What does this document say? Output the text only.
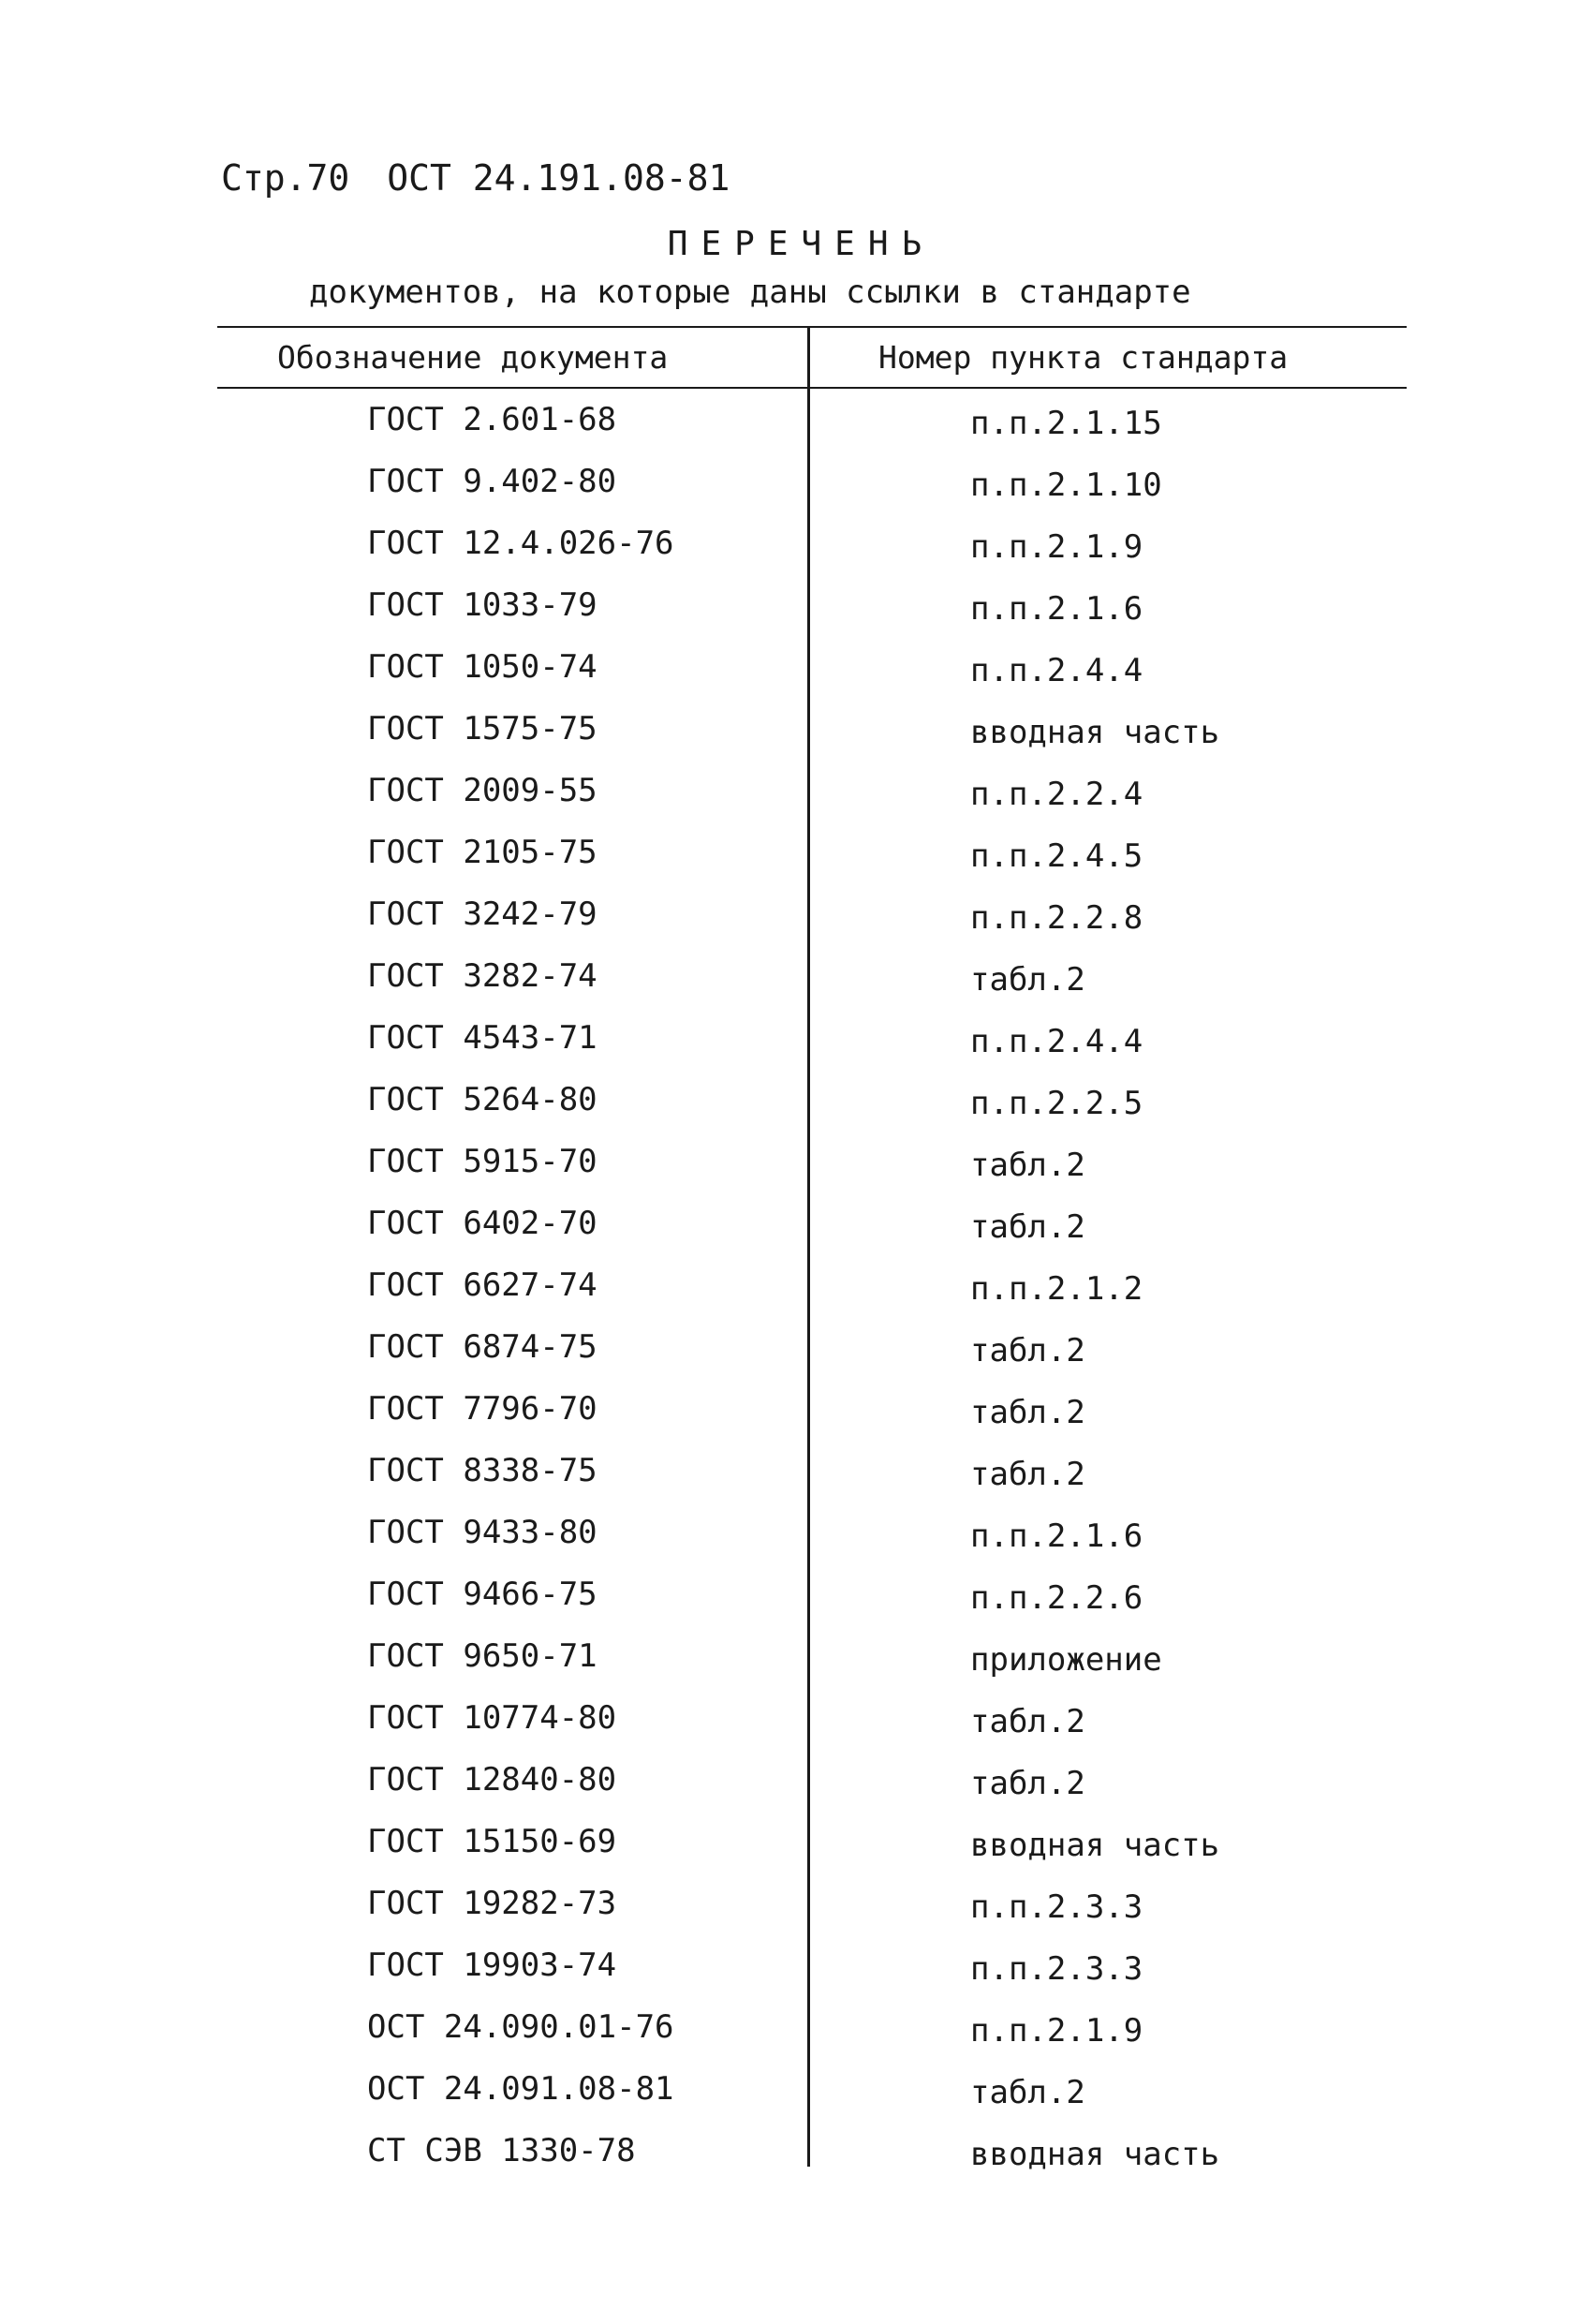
Стр.70 ОСТ 24.191.08-81
ПЕРЕЧЕНЬ
документов, на которые даны ссылки в стандарте
Обозначение документа	Номер пункта стандарта
ГОСТ 2.601-68	п.п.2.1.15
ГОСТ 9.402-80	п.п.2.1.10
ГОСТ 12.4.026-76	п.п.2.1.9
ГОСТ 1033-79	п.п.2.1.6
ГОСТ 1050-74	п.п.2.4.4
ГОСТ 1575-75	вводная часть
ГОСТ 2009-55	п.п.2.2.4
ГОСТ 2105-75	п.п.2.4.5
ГОСТ 3242-79	п.п.2.2.8
ГОСТ 3282-74	табл.2
ГОСТ 4543-71	п.п.2.4.4
ГОСТ 5264-80	п.п.2.2.5
ГОСТ 5915-70	табл.2
ГОСТ 6402-70	табл.2
ГОСТ 6627-74	п.п.2.1.2
ГОСТ 6874-75	табл.2
ГОСТ 7796-70	табл.2
ГОСТ 8338-75	табл.2
ГОСТ 9433-80	п.п.2.1.6
ГОСТ 9466-75	п.п.2.2.6
ГОСТ 9650-71	приложение
ГОСТ 10774-80	табл.2
ГОСТ 12840-80	табл.2
ГОСТ 15150-69	вводная часть
ГОСТ 19282-73	п.п.2.3.3
ГОСТ 19903-74	п.п.2.3.3
ОСТ 24.090.01-76	п.п.2.1.9
ОСТ 24.091.08-81	табл.2
СТ СЭВ 1330-78	вводная часть
